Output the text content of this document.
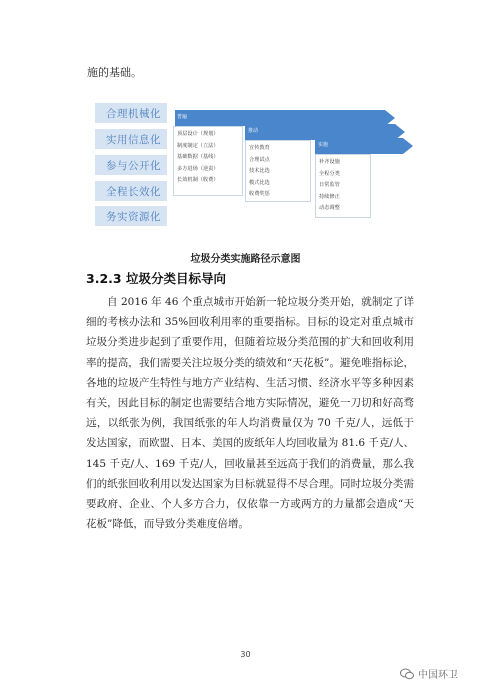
施的基础。
合理机械化
实用信息化
参与公开化
全程长效化
务实资源化
普遍
推动
实施
顶层设计（规划）
制度制定（立法）
基础数据（基线）
多方进场（逆责）
长效机制（收费）
宣传教育
合理试点
技术比选
模式比选
收费奖惩
补齐设施
全程分类
日常监管
持续修正
动态调整
垃圾分类实施路径示意图
3.2.3 垃圾分类目标导向
自 2016 年 46 个重点城市开始新一轮垃圾分类开始，就制定了详细的考核办法和 35%回收利用率的重要指标。目标的设定对重点城市垃圾分类进步起到了重要作用，但随着垃圾分类范围的扩大和回收利用率的提高，我们需要关注垃圾分类的绩效和“天花板”。避免唯指标论，各地的垃圾产生特性与地方产业结构、生活习惯、经济水平等多种因素有关，因此目标的制定也需要结合地方实际情况，避免一刀切和好高骛远，以纸张为例，我国纸张的年人均消费量仅为 70 千克/人，远低于发达国家，而欧盟、日本、美国的废纸年人均回收量为 81.6 千克/人、145 千克/人、169 千克/人，回收量甚至远高于我们的消费量，那么我们的纸张回收利用以发达国家为目标就显得不尽合理。同时垃圾分类需要政府、企业、个人多方合力，仅依靠一方或两方的力量都会造成“天花板”降低，而导致分类难度倍增。
30
中国环卫
